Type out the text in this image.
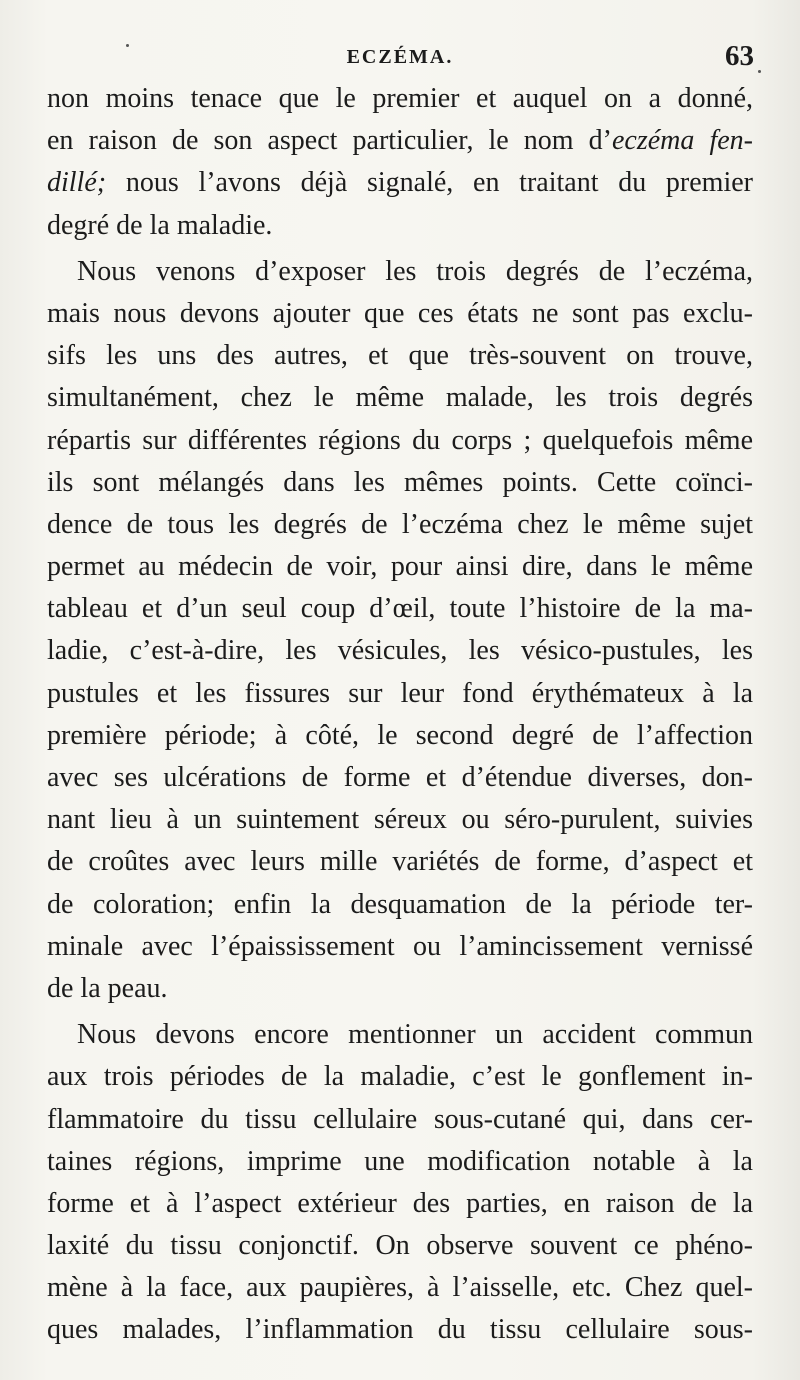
ECZÉMA.	63
non moins tenace que le premier et auquel on a donné,
en raison de son aspect particulier, le nom d’eczéma fen-
dillé; nous l’avons déjà signalé, en traitant du premier
degré de la maladie.
Nous venons d’exposer les trois degrés de l’eczéma,
mais nous devons ajouter que ces états ne sont pas exclu-
sifs les uns des autres, et que très-souvent on trouve,
simultanément, chez le même malade, les trois degrés
répartis sur différentes régions du corps ; quelquefois même
ils sont mélangés dans les mêmes points. Cette coïnci-
dence de tous les degrés de l’eczéma chez le même sujet
permet au médecin de voir, pour ainsi dire, dans le même
tableau et d’un seul coup d’œil, toute l’histoire de la ma-
ladie, c’est-à-dire, les vésicules, les vésico-pustules, les
pustules et les fissures sur leur fond érythémateux à la
première période; à côté, le second degré de l’affection
avec ses ulcérations de forme et d’étendue diverses, don-
nant lieu à un suintement séreux ou séro-purulent, suivies
de croûtes avec leurs mille variétés de forme, d’aspect et
de coloration; enfin la desquamation de la période ter-
minale avec l’épaississement ou l’amincissement vernissé
de la peau.
Nous devons encore mentionner un accident commun
aux trois périodes de la maladie, c’est le gonflement in-
flammatoire du tissu cellulaire sous-cutané qui, dans cer-
taines régions, imprime une modification notable à la
forme et à l’aspect extérieur des parties, en raison de la
laxité du tissu conjonctif. On observe souvent ce phéno-
mène à la face, aux paupières, à l’aisselle, etc. Chez quel-
ques malades, l’inflammation du tissu cellulaire sous-
